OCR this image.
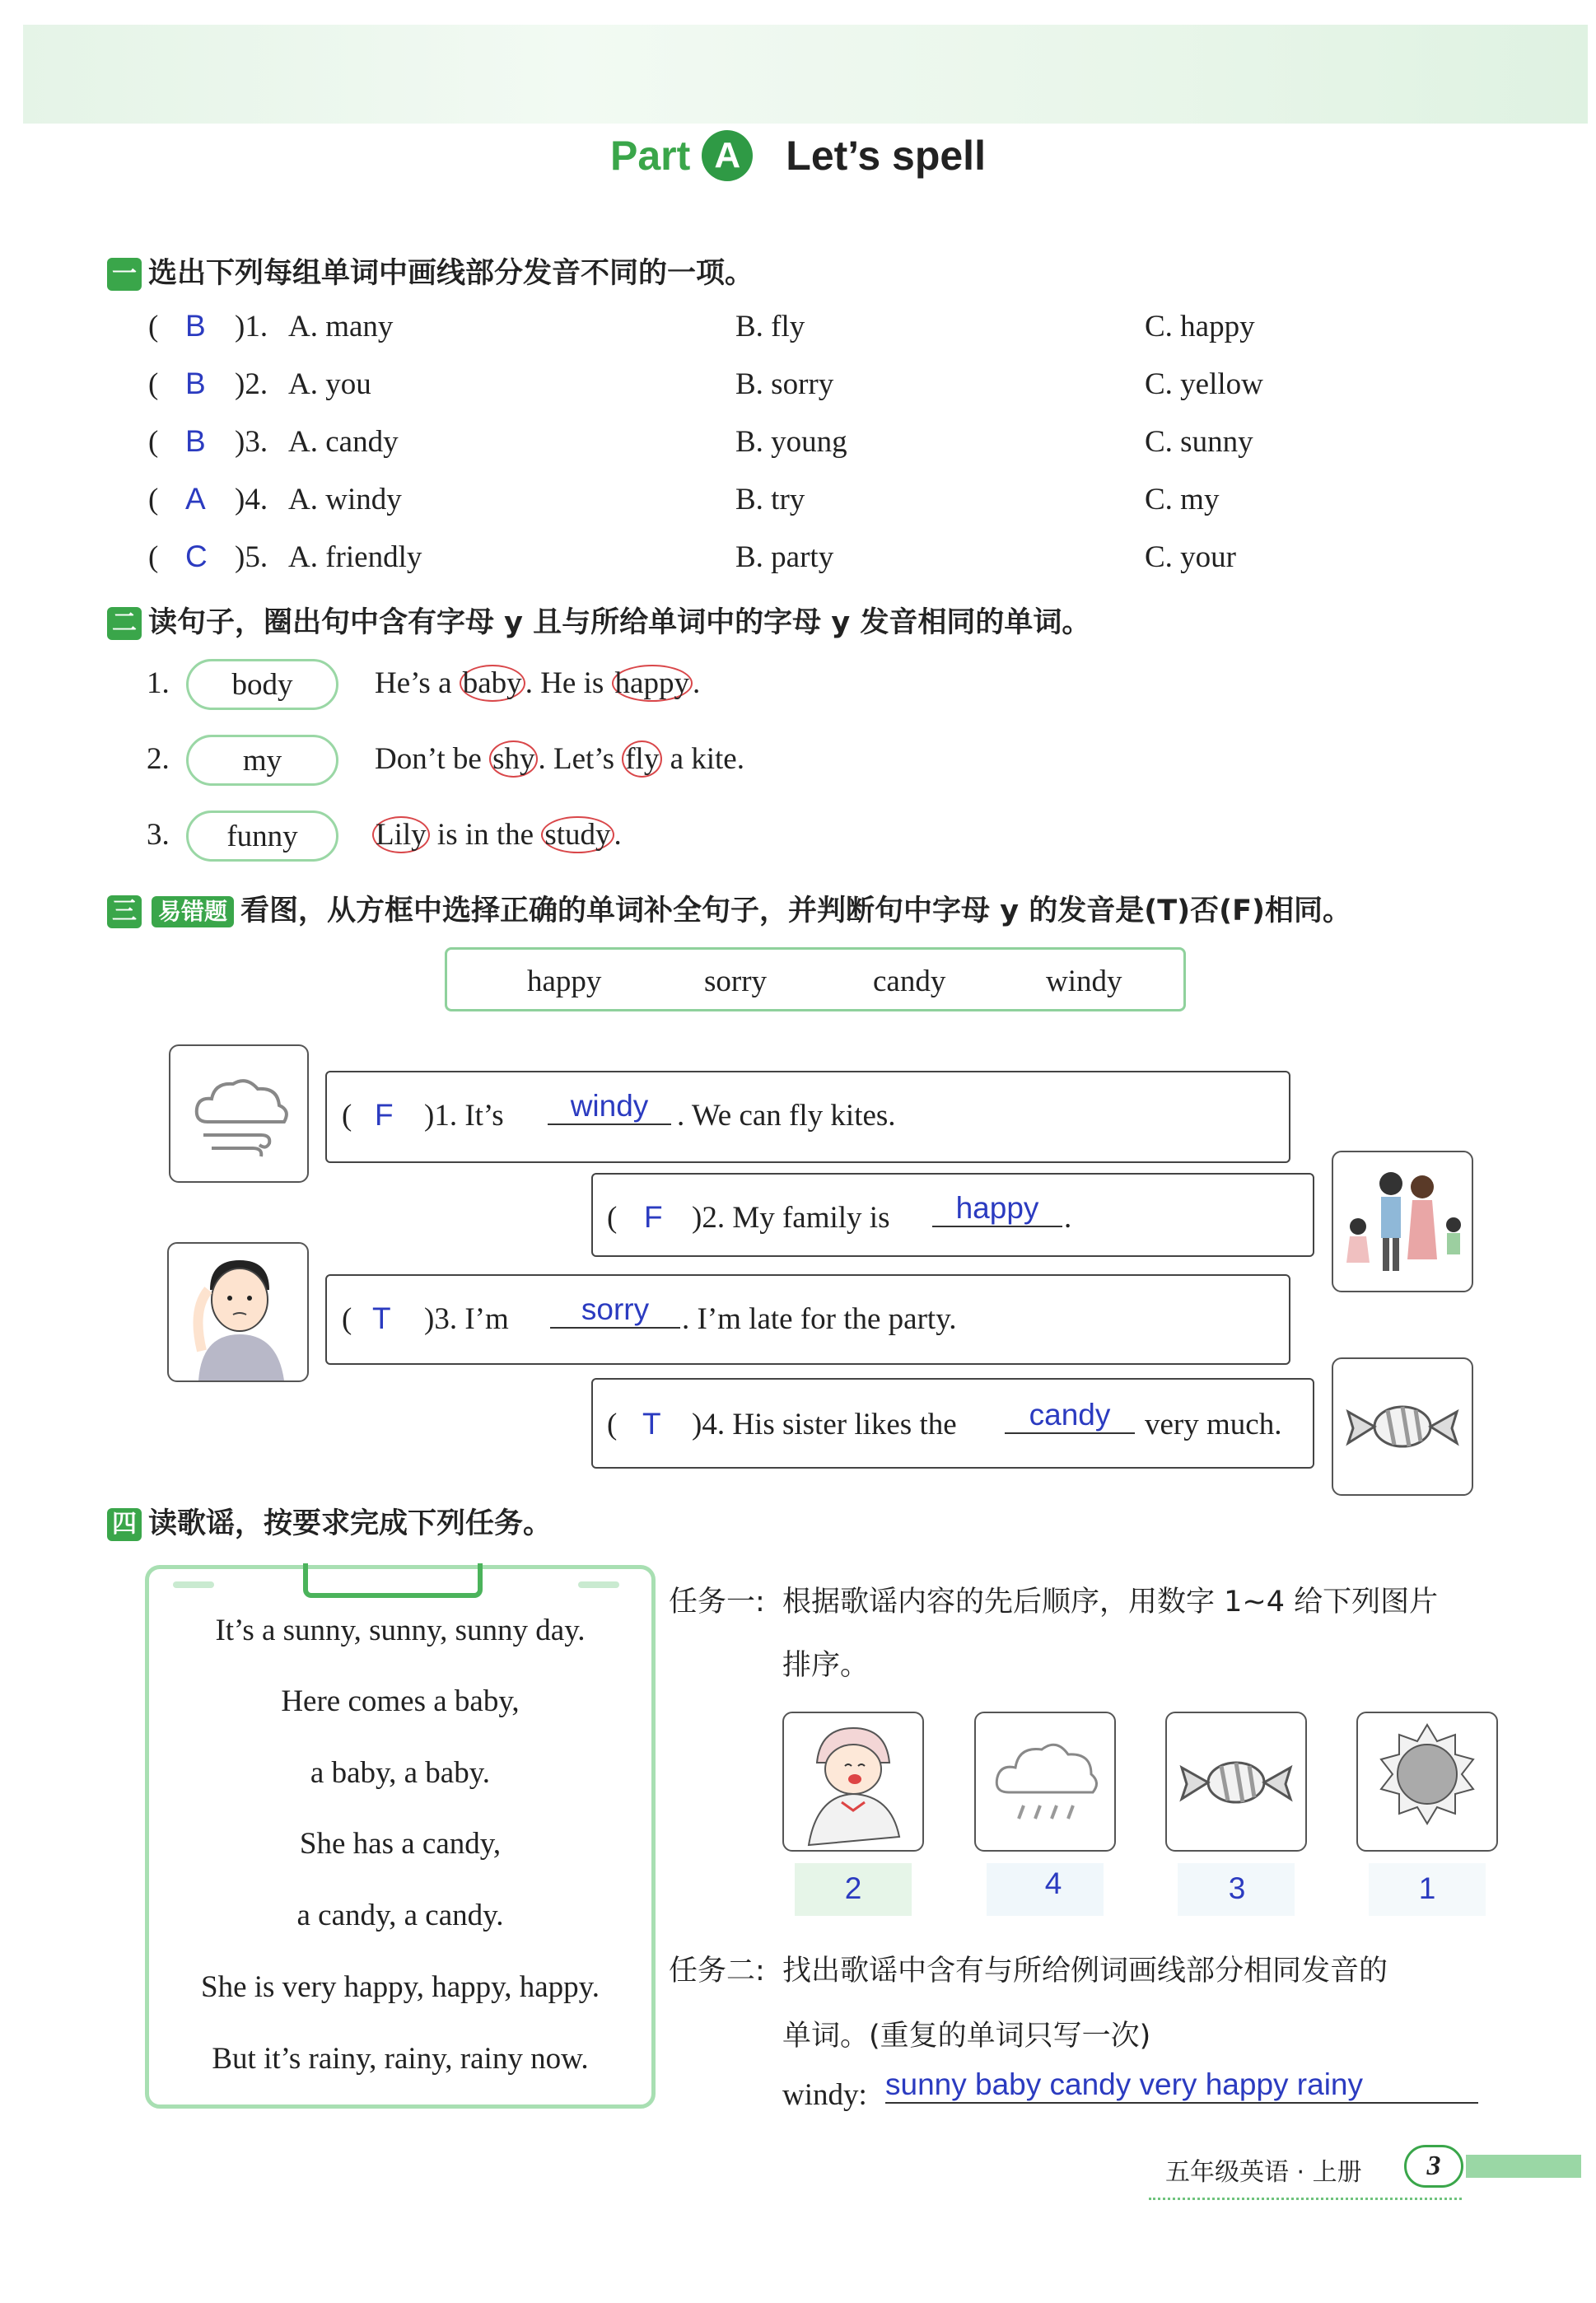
Part A Let’s spell
一 选出下列每组单词中画线部分发音不同的一项。
( B )1. A. many	B. fly	C. happy
( B )2. A. you	B. sorry	C. yellow
( B )3. A. candy	B. young	C. sunny
( A )4. A. windy	B. try	C. my
( C )5. A. friendly	B. party	C. your
二 读句子，圈出句中含有字母 y 且与所给单词中的字母 y 发音相同的单词。
1.	body	He’s a baby . He is happy .
2.	my	Don’t be shy . Let’s fly a kite.
3.	funny	Lily is in the study .
三 易错题 看图，从方框中选择正确的单词补全句子，并判断句中字母 y 的发音是(T)否(F)相同。
happy	sorry	candy	windy
( F )1. It’s	windy . We can fly kites.
( F )2. My family is	happy .
( T )3. I’m	sorry	. I’m late for the party.
( T )4. His sister likes the	candy	very much.
四 读歌谣，按要求完成下列任务。
It’s a sunny, sunny, sunny day.
Here comes a baby,
a baby, a baby.
She has a candy,
a candy, a candy.
She is very happy, happy, happy.
But it’s rainy, rainy, rainy now.
任务一: 根据歌谣内容的先后顺序，用数字 1~4 给下列图片
排序。
2	4	3	1
任务二: 找出歌谣中含有与所给例词画线部分相同发音的
单词。(重复的单词只写一次)
windy: sunny baby candy very happy rainy
五年级英语 · 上册	3
